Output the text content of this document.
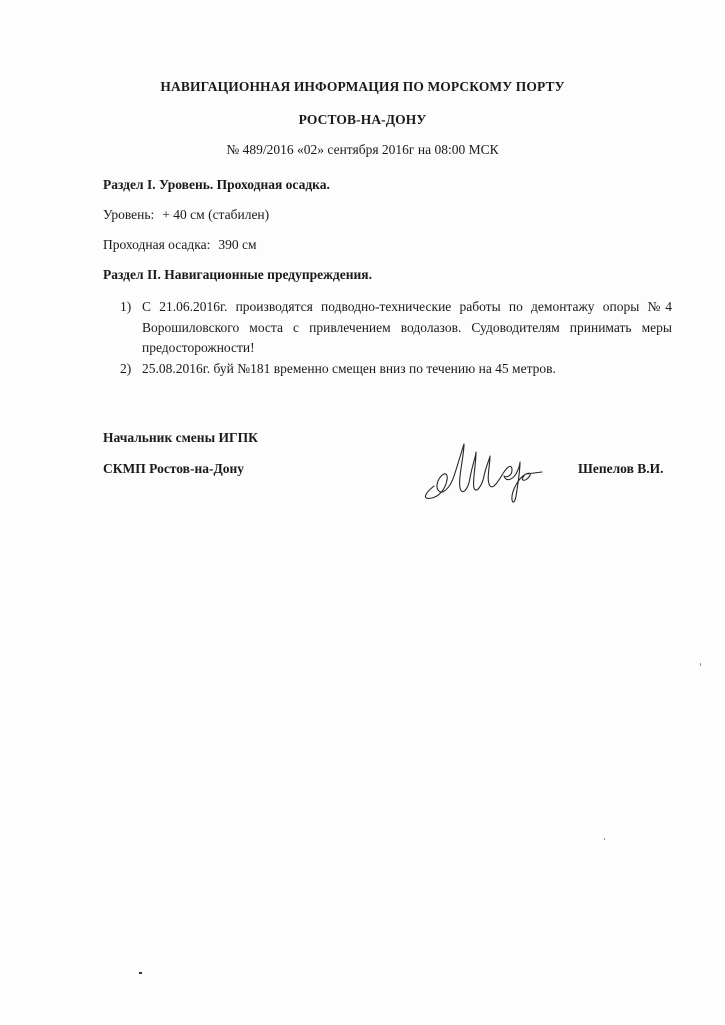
НАВИГАЦИОННАЯ ИНФОРМАЦИЯ ПО МОРСКОМУ ПОРТУ
РОСТОВ-НА-ДОНУ
№ 489/2016 «02» сентября 2016г на 08:00 МСК
Раздел I. Уровень. Проходная осадка.
Уровень: + 40 см (стабилен)
Проходная осадка: 390 см
Раздел II. Навигационные предупреждения.
1) С 21.06.2016г. производятся подводно-технические работы по демонтажу опоры №4 Ворошиловского моста с привлечением водолазов. Судоводителям принимать меры предосторожности!
2) 25.08.2016г. буй №181 временно смещен вниз по течению на 45 метров.
Начальник смены ИГПК
СКМП Ростов-на-Дону	Шепелов В.И.
